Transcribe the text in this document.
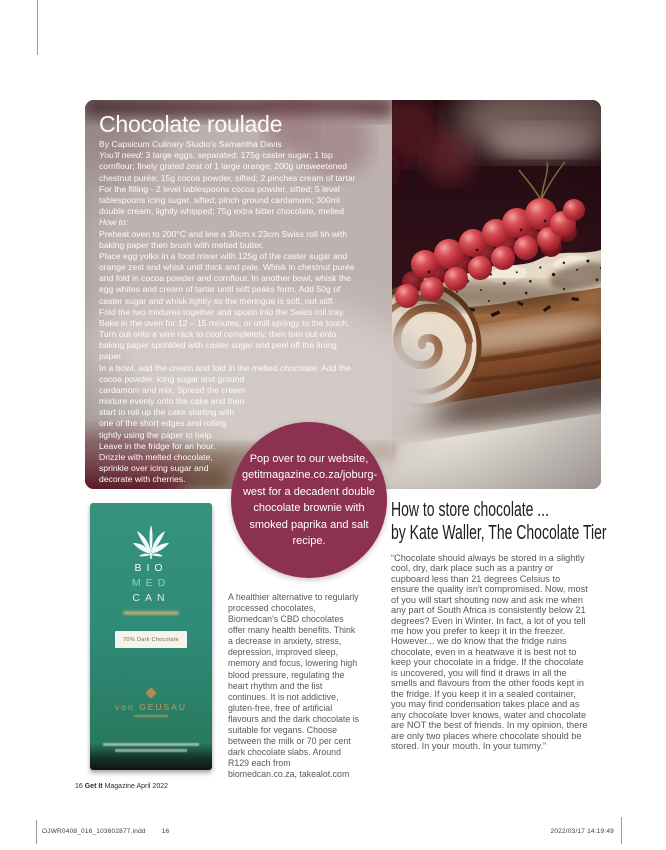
Chocolate roulade

By Capsicum Culinary Studio's Samantha Davis

You'll need: 3 large eggs, separated; 175g caster sugar; 1 tsp cornflour; finely grated zest of 1 large orange; 200g unsweetened chestnut purée; 15g cocoa powder, sifted; 2 pinches cream of tartar

For the filling - 2 level tablespoons cocoa powder, sifted; 5 level tablespoons icing sugar, sifted; pinch ground cardamom; 300ml double cream, lightly whipped; 75g extra bitter chocolate, melted

How to:

Preheat oven to 200°C and line a 30cm x 23cm Swiss roll tin with baking paper then brush with melted butter.

Place egg yolks in a food mixer with 125g of the caster sugar and orange zest and whisk until thick and pale. Whisk in chestnut purée and fold in cocoa powder and cornflour. In another bowl, whisk the egg whites and cream of tartar until soft peaks form. Add 50g of caster sugar and whisk lightly so the meringue is soft, not stiff.

Fold the two mixtures together and spoon into the Swiss roll tray. Bake in the oven for 12 – 15 minutes, or until springy to the touch. Turn out onto a wire rack to cool completely, then turn out onto baking paper sprinkled with caster sugar and peel off the lining paper.

In a bowl, add the cream and fold in the melted chocolate. Add the cocoa powder, icing sugar and ground cardamom and mix. Spread the cream mixture evenly onto the cake and then start to roll up the cake starting with one of the short edges and rolling tightly using the paper to help. Leave in the fridge for an hour. Drizzle with melted chocolate, sprinkle over icing sugar and decorate with cherries.

Pop over to our website, getitmagazine.co.za/joburg-west for a decadent double chocolate brownie with smoked paprika and salt recipe.
BIO
MED
CAN
70% Dark Chocolate
von GEUSAU
A healthier alternative to regularly processed chocolates, Biomedcan's CBD chocolates offer many health benefits. Think a decrease in anxiety, stress, depression, improved sleep, memory and focus, lowering high blood pressure, regulating the heart rhythm and the list continues. It is not addictive, gluten-free, free of artificial flavours and the dark chocolate is suitable for vegans. Choose between the milk or 70 per cent dark chocolate slabs. Around R129 each from biomedcan.co.za, takealot.com
How to store chocolate ...
by Kate Waller, The Chocolate Tier

“Chocolate should always be stored in a slightly cool, dry, dark place such as a pantry or cupboard less than 21 degrees Celsius to ensure the quality isn't compromised. Now, most of you will start shouting now and ask me when any part of South Africa is consistently below 21 degrees? Even in Winter. In fact, a lot of you tell me how you prefer to keep it in the freezer. However... we do know that the fridge ruins chocolate, even in a heatwave it is best not to keep your chocolate in a fridge. If the chocolate is uncovered, you will find it draws in all the smells and flavours from the other foods kept in the fridge. If you keep it in a sealed container, you may find condensation takes place and as any chocolate lover knows, water and chocolate are NOT the best of friends. In my opinion, there are only two places where chocolate should be stored. In your mouth. In your tummy.”

16 Get It Magazine April 2022
OJWR0408_016_103602877.indd 16	2022/03/17 14:19:49
